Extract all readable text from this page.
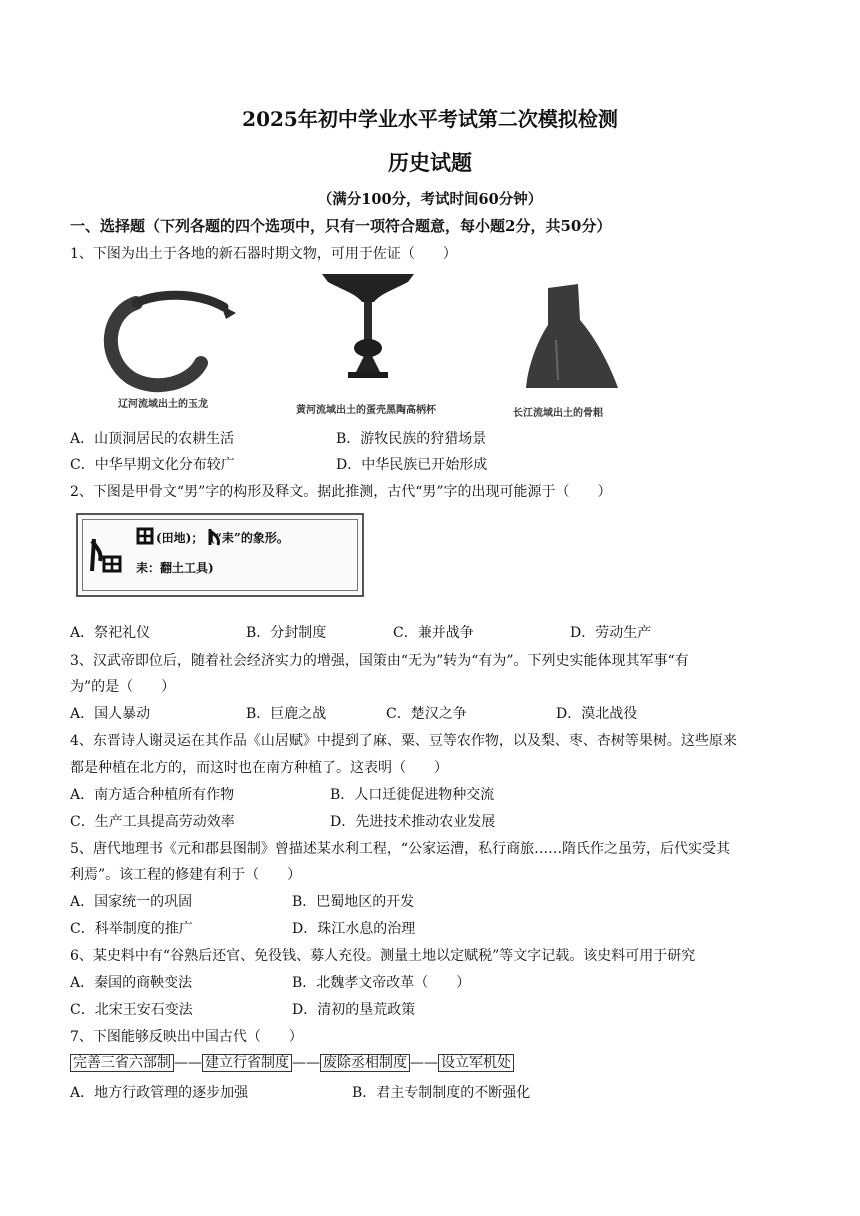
2025年初中学业水平考试第二次模拟检测
历史试题
（满分100分，考试时间60分钟）
一、选择题（下列各题的四个选项中，只有一项符合题意，每小题2分，共50分）
1、下图为出土于各地的新石器时期文物，可用于佐证（　　）
辽河流域出土的玉龙
黄河流域出土的蛋壳黑陶高柄杯	长江流域出土的骨耜
A．山顶洞居民的农耕生活	B．游牧民族的狩猎场景
C．中华早期文化分布较广	D．中华民族已开始形成
2、下图是甲骨文“男”字的构形及释文。据此推测，古代“男”字的出现可能源于（　　）
(田地)；　(“耒”的象形。
耒：翻土工具)
A．祭祀礼仪	B．分封制度	C．兼并战争	D．劳动生产
3、汉武帝即位后，随着社会经济实力的增强，国策由“无为”转为“有为”。下列史实能体现其军事“有
为”的是（　　）
A．国人暴动	B．巨鹿之战	C．楚汉之争	D．漠北战役
4、东晋诗人谢灵运在其作品《山居赋》中提到了麻、粟、豆等农作物，以及梨、枣、杏树等果树。这些原来
都是种植在北方的，而这时也在南方种植了。这表明（　　）
A．南方适合种植所有作物	B．人口迁徙促进物种交流
C．生产工具提高劳动效率	D．先进技术推动农业发展
5、唐代地理书《元和郡县图制》曾描述某水利工程，“公家运漕，私行商旅……隋氏作之虽劳，后代实受其
利焉”。该工程的修建有利于（　　）
A．国家统一的巩固	B．巴蜀地区的开发
C．科举制度的推广	D．珠江水息的治理
6、某史料中有“谷熟后还官、免役钱、募人充役。测量土地以定赋税”等文字记载。该史料可用于研究
A．秦国的商鞅变法	B．北魏孝文帝改革（　　）
C．北宋王安石变法	D．清初的垦荒政策
7、下图能够反映出中国古代（　　）
完善三省六部制 —— 建立行省制度 —— 废除丞相制度 —— 设立军机处
A．地方行政管理的逐步加强	B．君主专制制度的不断强化
